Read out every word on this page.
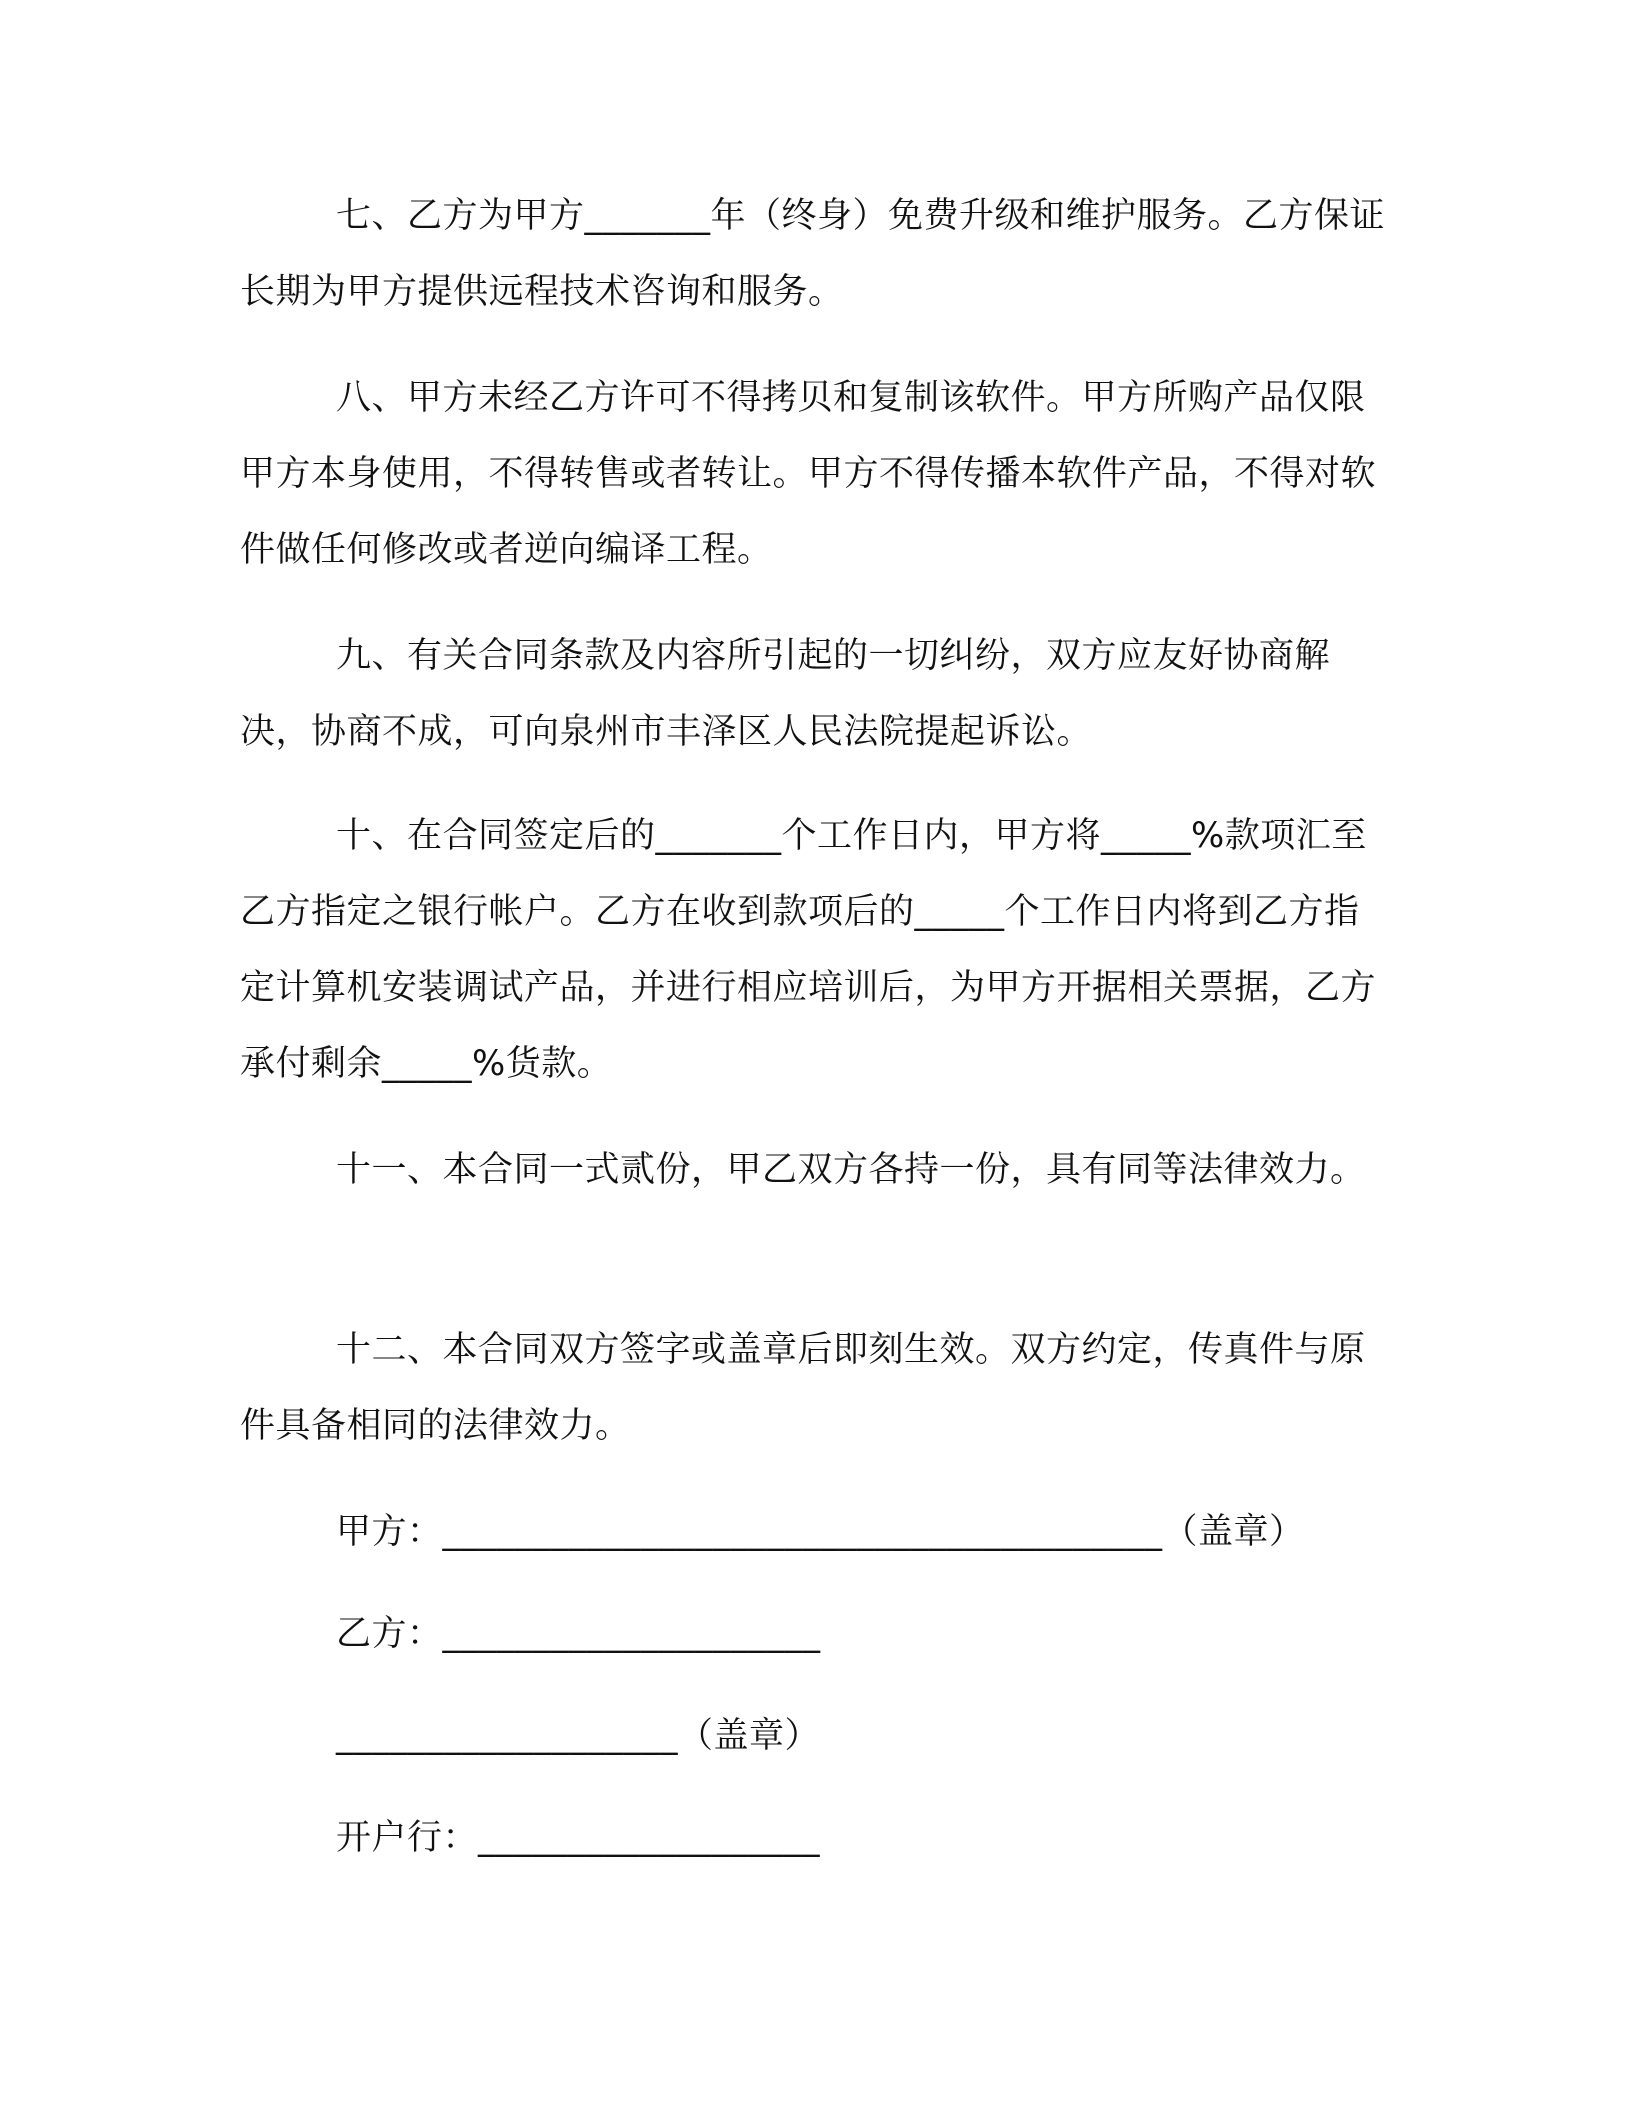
七、乙方为甲方_______年（终身）免费升级和维护服务。乙方保证长期为甲方提供远程技术咨询和服务。

八、甲方未经乙方许可不得拷贝和复制该软件。甲方所购产品仅限甲方本身使用，不得转售或者转让。甲方不得传播本软件产品，不得对软件做任何修改或者逆向编译工程。

九、有关合同条款及内容所引起的一切纠纷，双方应友好协商解决，协商不成，可向泉州市丰泽区人民法院提起诉讼。

十、在合同签定后的_______个工作日内，甲方将_____%款项汇至乙方指定之银行帐户。乙方在收到款项后的_____个工作日内将到乙方指定计算机安装调试产品，并进行相应培训后，为甲方开据相关票据，乙方承付剩余_____%货款。

十一、本合同一式贰份，甲乙双方各持一份，具有同等法律效力。

十二、本合同双方签字或盖章后即刻生效。双方约定，传真件与原件具备相同的法律效力。

甲方：________________________________________（盖章）

乙方：_____________________

___________________（盖章）

开户行：___________________
